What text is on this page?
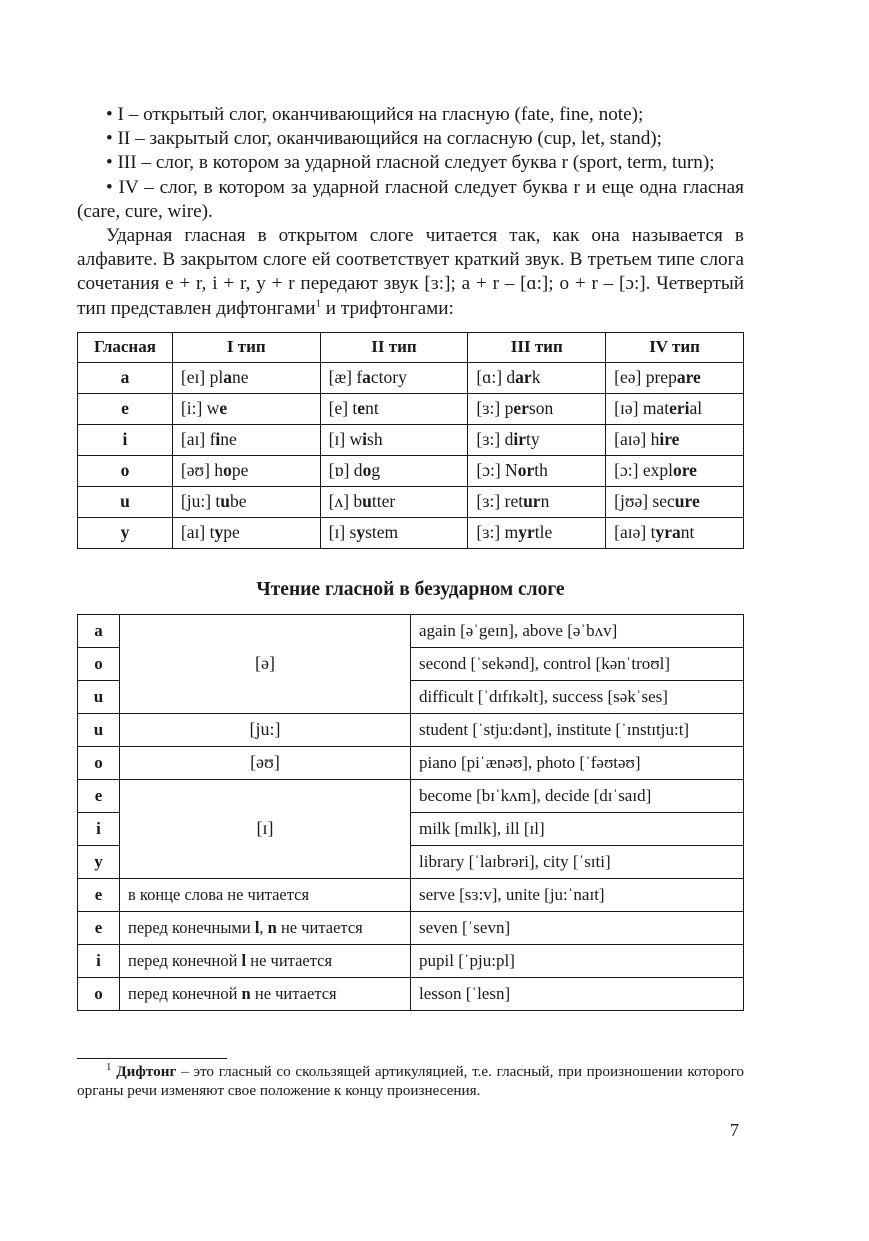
• I – открытый слог, оканчивающийся на гласную (fate, fine, note);

• II – закрытый слог, оканчивающийся на согласную (cup, let, stand);

• III – слог, в котором за ударной гласной следует буква r (sport, term, turn);

• IV – слог, в котором за ударной гласной следует буква r и еще одна гласная (care, cure, wire).

Ударная гласная в открытом слоге читается так, как она называется в алфавите. В закрытом слоге ей соответствует краткий звук. В третьем типе слога сочетания e + r, i + r, y + r передают звук [ɜ:]; a + r – [ɑ:]; o + r – [ɔ:]. Четвертый тип представлен дифтонгами$^1$ и трифтонгами:

Гласная	I тип	II тип	III тип	IV тип
a	[eɪ] plane	[æ] factory	[ɑ:] dark	[eə] prepare
e	[i:] we	[e] tent	[ɜ:] person	[ɪə] material
i	[aɪ] fine	[ɪ] wish	[ɜ:] dirty	[aɪə] hire
o	[əʊ] hope	[ɒ] dog	[ɔ:] North	[ɔ:] explore
u	[ju:] tube	[ʌ] butter	[ɜ:] return	[jʊə] secure
y	[aɪ] type	[ɪ] system	[ɜ:] myrtle	[aɪə] tyrant
Чтение гласной в безударном слоге
a	[ə]	again [əˈgeɪn], above [əˈbʌv]
o		second [ˈsekənd], control [kənˈtroʊl]
u		difficult [ˈdɪfɪkəlt], success [səkˈses]
u	[ju:]	student [ˈstju:dənt], institute [ˈɪnstɪtju:t]
o	[əʊ]	piano [piˈænəʊ], photo [ˈfəʊtəʊ]
e	[ɪ]	become [bɪˈkʌm], decide [dɪˈsaɪd]
i		milk [mɪlk], ill [ɪl]
y		library [ˈlaɪbrəri], city [ˈsɪti]
e	в конце слова не читается	serve [sɜ:v], unite [ju:ˈnaɪt]
e	перед конечными l, n не читается	seven [ˈsevn]
i	перед конечной l не читается	pupil [ˈpju:pl]
o	перед конечной n не читается	lesson [ˈlesn]
$^1$ Дифтонг – это гласный со скользящей артикуляцией, т.е. гласный, при произношении которого органы речи изменяют свое положение к концу произнесения.
7
